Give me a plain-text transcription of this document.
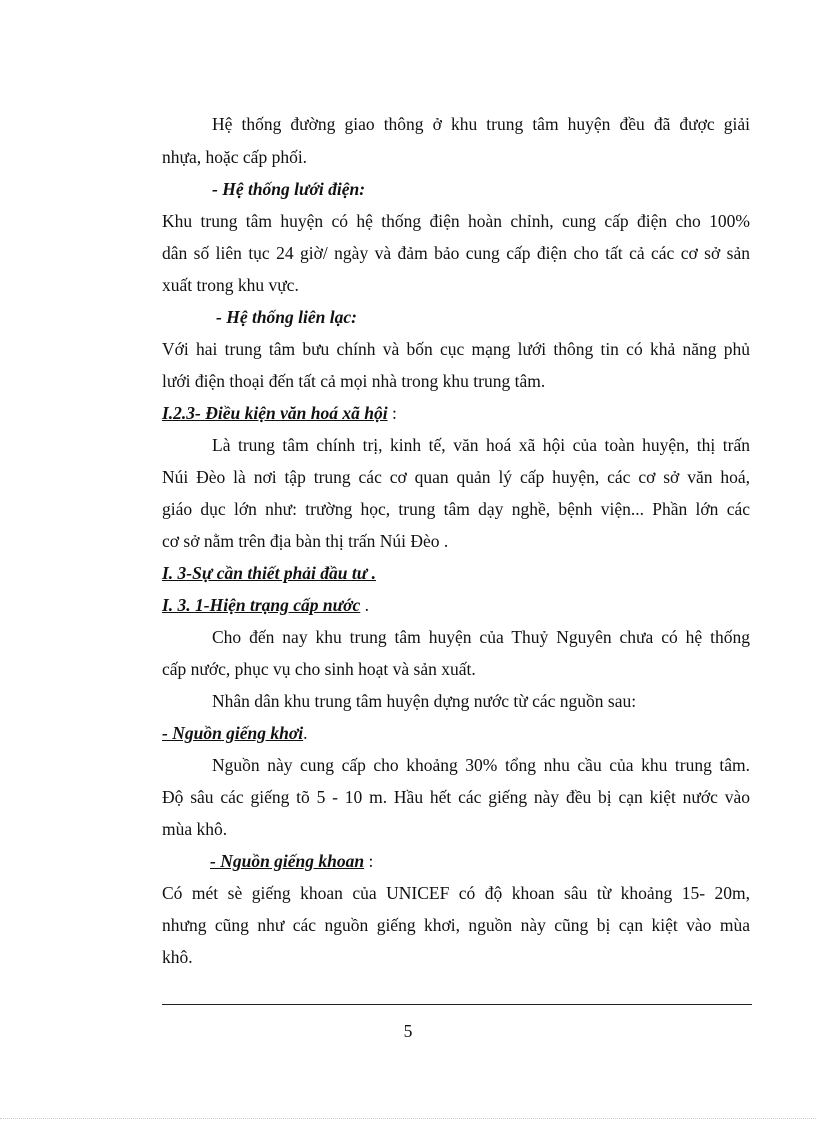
Hệ thống đường giao thông ở khu trung tâm huyện đều đã được giải

nhựa, hoặc cấp phối.

- Hệ thống lưới điện:

Khu trung tâm huyện có hệ thống điện hoàn chỉnh, cung cấp điện cho 100%

dân số liên tục 24 giờ/ ngày và đảm bảo cung cấp điện cho tất cả các cơ sở sản

xuất trong khu vực.

- Hệ thống liên lạc:

Với hai trung tâm bưu chính và bốn cục mạng lưới thông tin có khả năng phủ

lưới điện thoại đến tất cả mọi nhà trong khu trung tâm.

I.2.3- Điều kiện văn hoá xã hội :

Là trung tâm chính trị, kinh tế, văn hoá xã hội của toàn huyện, thị trấn

Núi Đèo là nơi tập trung các cơ quan quản lý cấp huyện, các cơ sở văn hoá,

giáo dục lớn như: trường học, trung tâm dạy nghề, bệnh viện... Phần lớn các

cơ sở nằm trên địa bàn thị trấn Núi Đèo .

I. 3-Sự cần thiết phải đầu tư .

I. 3. 1-Hiện trạng cấp nước .

Cho đến nay khu trung tâm huyện của Thuỷ Nguyên chưa có hệ thống

cấp nước, phục vụ cho sinh hoạt và sản xuất.

Nhân dân khu trung tâm huyện dựng nước từ các nguồn sau:

- Nguồn giếng khơi.

Nguồn này cung cấp cho khoảng 30% tổng nhu cầu của khu trung tâm.

Độ sâu các giếng tõ 5 - 10 m. Hầu hết các giếng này đều bị cạn kiệt nước vào

mùa khô.

- Nguồn giếng khoan :

Có mét sè giếng khoan của UNICEF có độ khoan sâu từ khoảng 15- 20m,

nhưng cũng như các nguồn giếng khơi, nguồn này cũng bị cạn kiệt vào mùa

khô.

5
